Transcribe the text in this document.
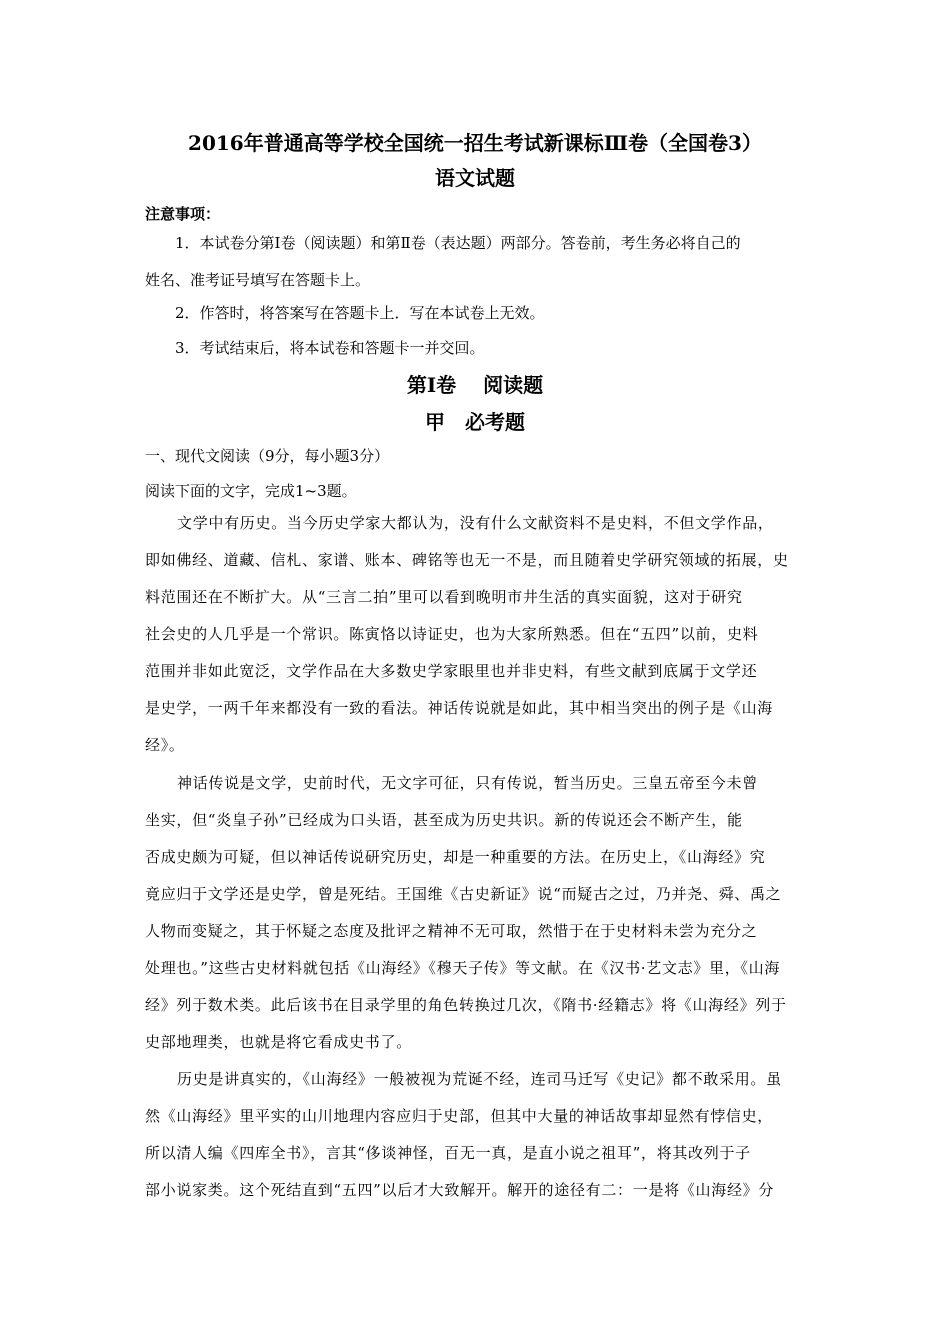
2016年普通高等学校全国统一招生考试新课标Ⅲ卷（全国卷3）
语文试题
注意事项：
1．本试卷分第Ⅰ卷（阅读题）和第Ⅱ卷（表达题）两部分。答卷前，考生务必将自己的
姓名、准考证号填写在答题卡上。
2．作答时，将答案写在答题卡上．写在本试卷上无效。
3．考试结束后，将本试卷和答题卡一并交回。
第Ⅰ卷　 阅读题
甲　必考题
一、现代文阅读（9分，每小题3分）
阅读下面的文字，完成1~3题。
文学中有历史。当今历史学家大都认为，没有什么文献资料不是史料，不但文学作品，
即如佛经、道藏、信札、家谱、账本、碑铭等也无一不是，而且随着史学研究领域的拓展，史
料范围还在不断扩大。从“三言二拍”里可以看到晚明市井生活的真实面貌，这对于研究
社会史的人几乎是一个常识。陈寅恪以诗证史，也为大家所熟悉。但在“五四”以前，史料
范围并非如此宽泛，文学作品在大多数史学家眼里也并非史料，有些文献到底属于文学还
是史学，一两千年来都没有一致的看法。神话传说就是如此，其中相当突出的例子是《山海
经》。
神话传说是文学，史前时代，无文字可征，只有传说，暂当历史。三皇五帝至今未曾
坐实，但“炎皇子孙”已经成为口头语，甚至成为历史共识。新的传说还会不断产生，能
否成史颇为可疑，但以神话传说研究历史，却是一种重要的方法。在历史上，《山海经》究
竟应归于文学还是史学，曾是死结。王国维《古史新证》说“而疑古之过，乃并尧、舜、禹之
人物而变疑之，其于怀疑之态度及批评之精神不无可取，然惜于在于史材料未尝为充分之
处理也。”这些古史材料就包括《山海经》《穆天子传》等文献。在《汉书·艺文志》里，《山海
经》列于数术类。此后该书在目录学里的角色转换过几次，《隋书·经籍志》将《山海经》列于
史部地理类，也就是将它看成史书了。
历史是讲真实的，《山海经》一般被视为荒诞不经，连司马迁写《史记》都不敢采用。虽
然《山海经》里平实的山川地理内容应归于史部，但其中大量的神话故事却显然有悖信史，
所以清人编《四库全书》，言其“侈谈神怪，百无一真，是直小说之祖耳”，将其改列于子
部小说家类。这个死结直到“五四”以后才大致解开。解开的途径有二：一是将《山海经》分
